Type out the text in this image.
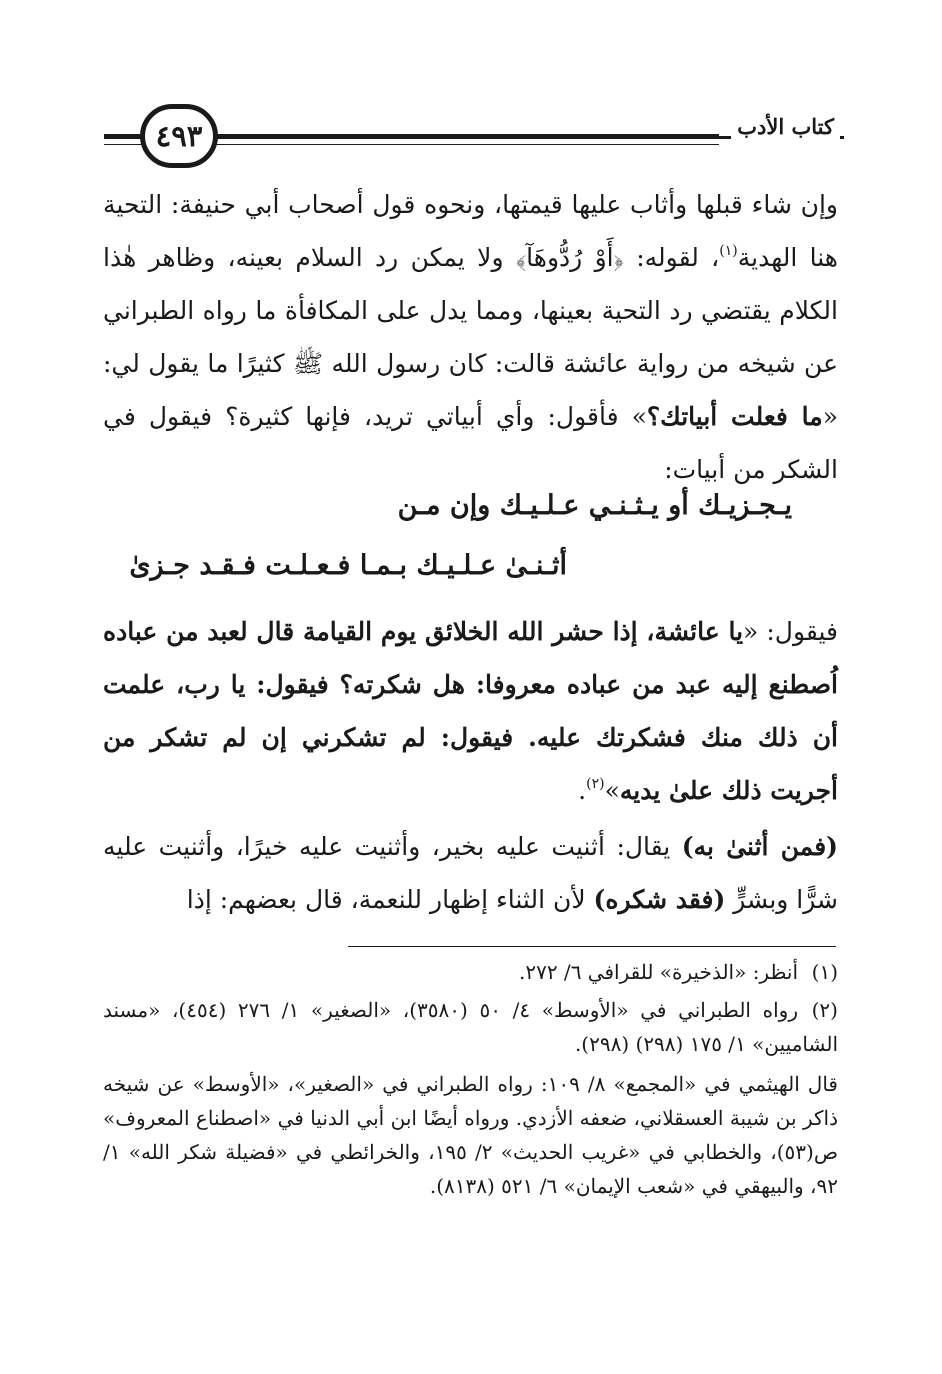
كتاب الأدب
٤٩٣

وإن شاء قبلها وأثاب عليها قيمتها، ونحوه قول أصحاب أبي حنيفة: التحية هنا الهدية$^{(١)}$، لقوله: ﴿أَوْ رُدُّوهَآ﴾ ولا يمكن رد السلام بعينه، وظاهر هٰذا الكلام يقتضي رد التحية بعينها، ومما يدل على المكافأة ما رواه الطبراني عن شيخه من رواية عائشة قالت: كان رسول الله ﷺ كثيرًا ما يقول لي: «ما فعلت أبياتك؟» فأقول: وأي أبياتي تريد، فإنها كثيرة؟ فيقول في الشكر من أبيات:

يـجـزيـك أو يـثـنـي عـلـيـك وإن مـن
أثـنـىٰ عـلـيـك بـمـا فـعـلـت فـقـد جـزىٰ

فيقول: «يا عائشة، إذا حشر الله الخلائق يوم القيامة قال لعبد من عباده اُصطنع إليه عبد من عباده معروفا: هل شكرته؟ فيقول: يا رب، علمت أن ذلك منك فشكرتك عليه. فيقول: لم تشكرني إن لم تشكر من أجريت ذلك علىٰ يديه»$^{(٢)}$.

(فمن أثنىٰ به) يقال: أثنيت عليه بخير، وأثنيت عليه خيرًا، وأثنيت عليه شرًّا وبشرٍّ (فقد شكره) لأن الثناء إظهار للنعمة، قال بعضهم: إذا

(١)أنظر: «الذخيرة» للقرافي ٦/ ٢٧٢.

(٢)رواه الطبراني في «الأوسط» ٤/ ٥٠ (٣٥٨٠)، «الصغير» ١/ ٢٧٦ (٤٥٤)، «مسند الشاميين» ١/ ١٧٥ (٢٩٨) (٢٩٨).

قال الهيثمي في «المجمع» ٨/ ١٠٩: رواه الطبراني في «الصغير»، «الأوسط» عن شيخه ذاكر بن شيبة العسقلاني، ضعفه الأزدي. ورواه أيضًا ابن أبي الدنيا في «اصطناع المعروف» ص(٥٣)، والخطابي في «غريب الحديث» ٢/ ١٩٥، والخرائطي في «فضيلة شكر الله» ١/ ٩٢، والبيهقي في «شعب الإيمان» ٦/ ٥٢١ (٨١٣٨).
